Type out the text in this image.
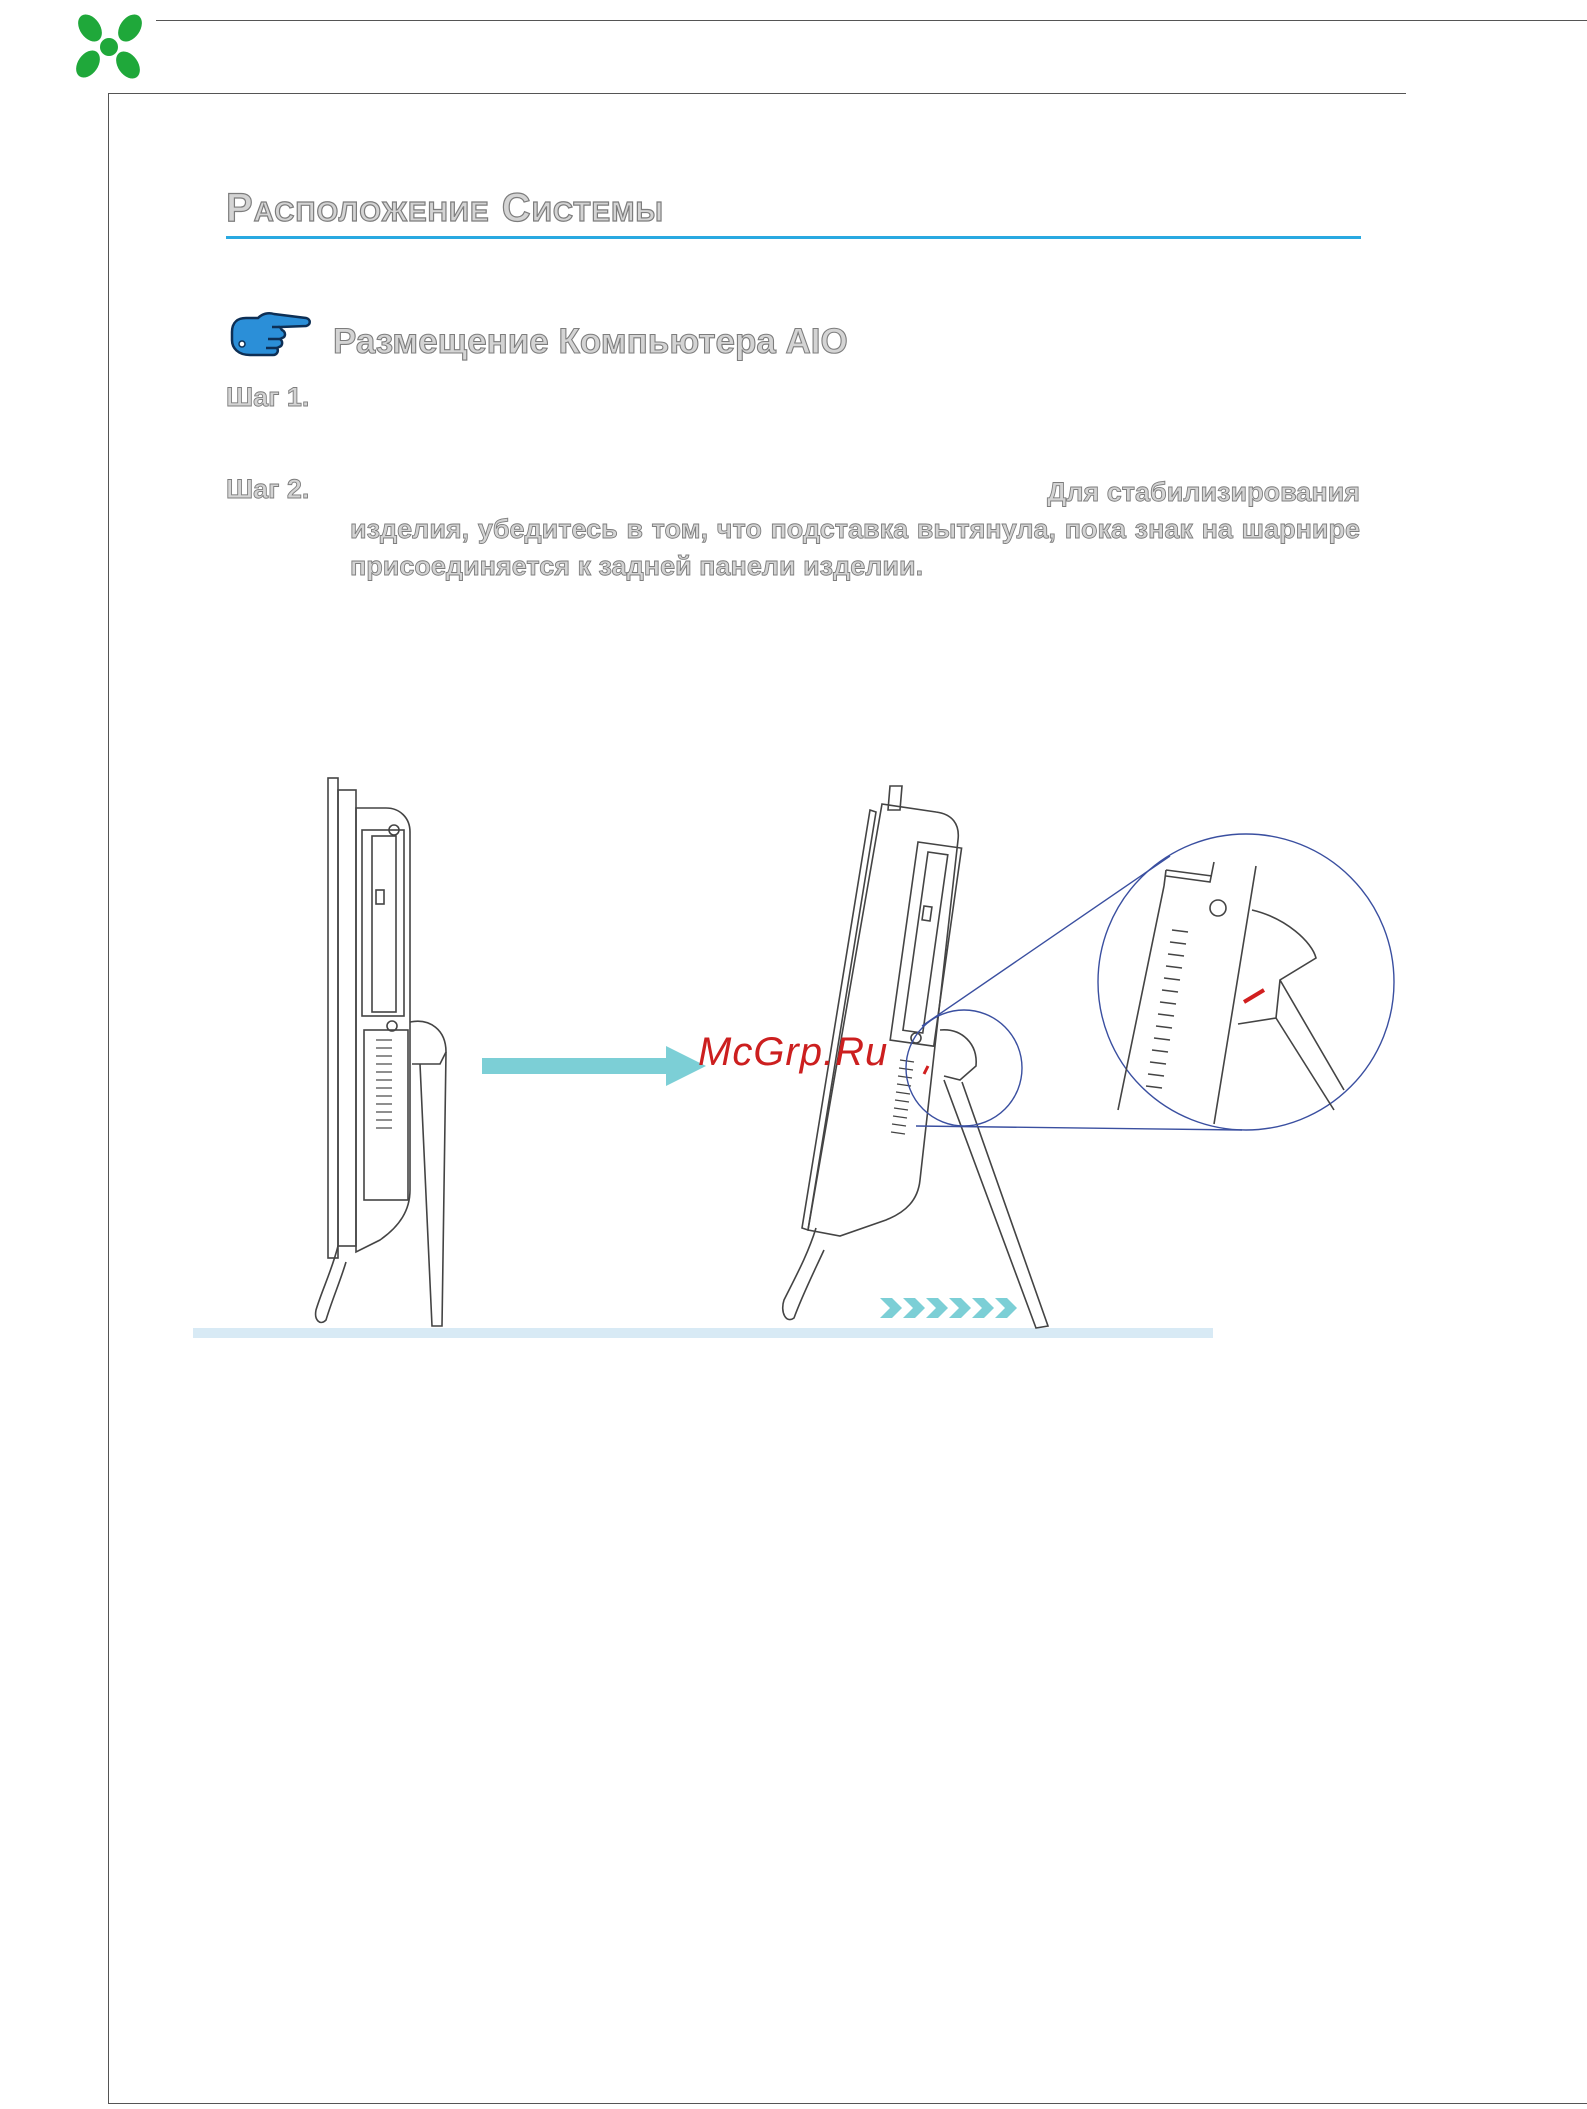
Расположение Системы
Размещение Компьютера AIO
Шаг 1.
Шаг 2.	Для стабилизирования
изделия, убедитесь в том, что подставка вытянула, пока знак на шарнире присоединяется к задней панели изделии.
McGrp.Ru
